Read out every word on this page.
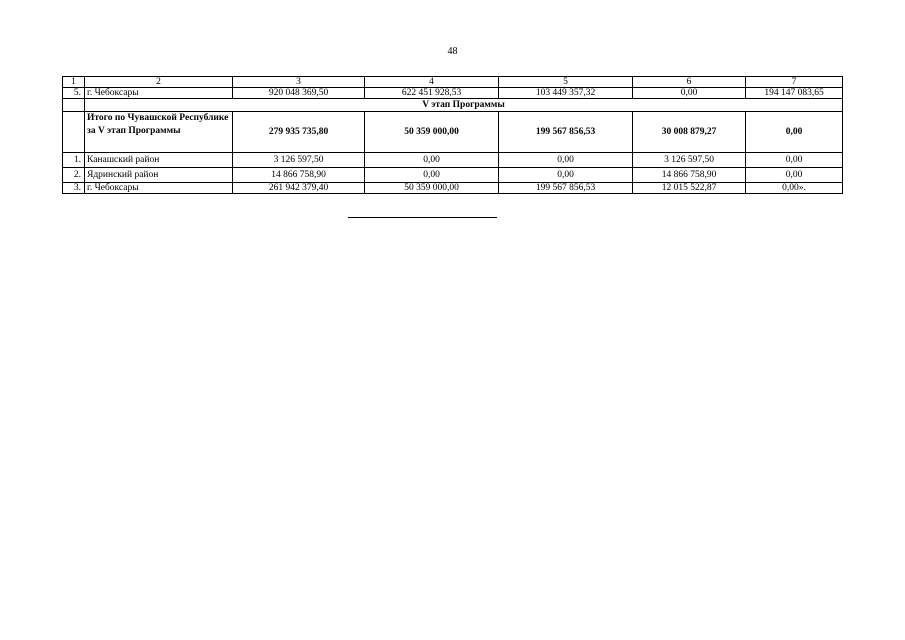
48
1	2	3	4	5	6	7
5.	г. Чебоксары	920 048 369,50	622 451 928,53	103 449 357,32	0,00	194 147 083,65
	V этап Программы					
	Итого по Чувашской Республике за V этап Программы	279 935 735,80	50 359 000,00	199 567 856,53	30 008 879,27	0,00
1.	Канашский район	3 126 597,50	0,00	0,00	3 126 597,50	0,00
2.	Ядринский район	14 866 758,90	0,00	0,00	14 866 758,90	0,00
3.	г. Чебоксары	261 942 379,40	50 359 000,00	199 567 856,53	12 015 522,87	0,00».
